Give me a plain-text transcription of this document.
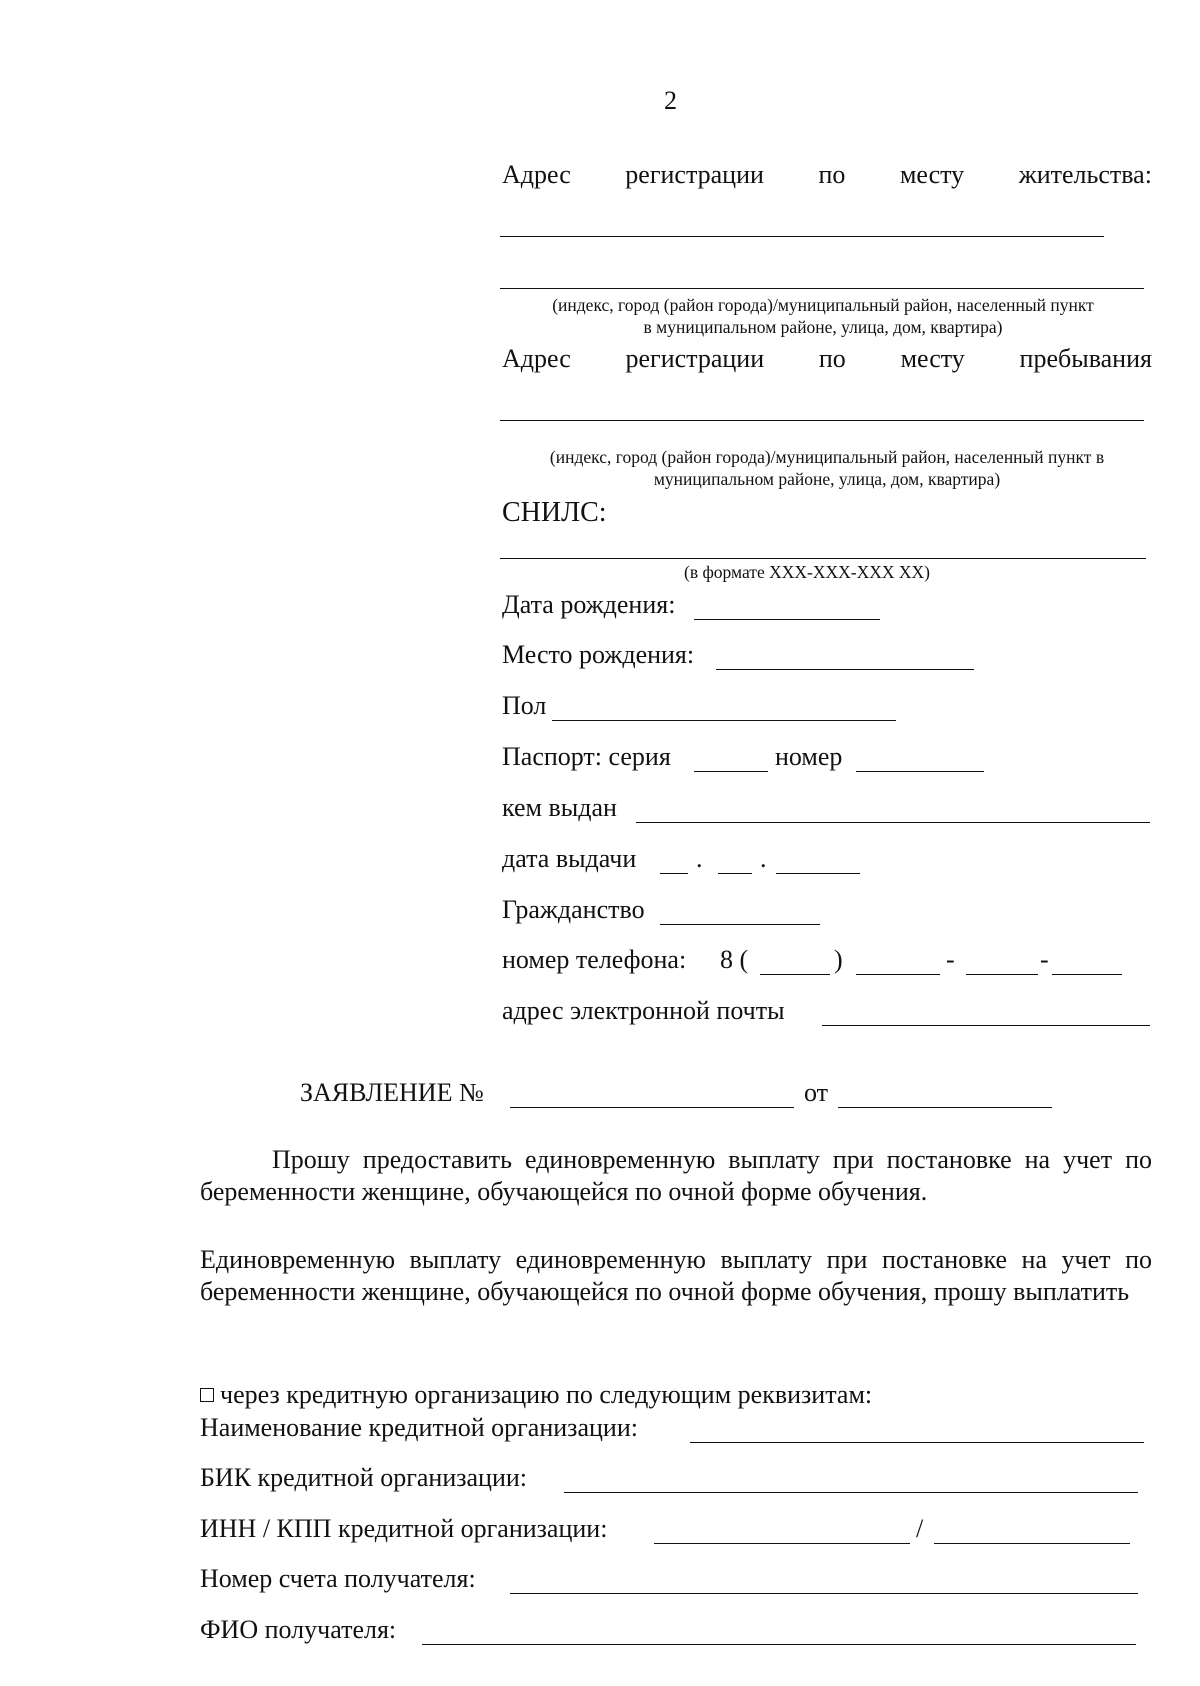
2
Адрес регистрации по месту жительства:
(индекс, город (район города)/муниципальный район, населенный пункт
в муниципальном районе, улица, дом, квартира)
Адрес регистрации по месту пребывания
(индекс, город (район города)/муниципальный район, населенный пункт в
муниципальном районе, улица, дом, квартира)
СНИЛС:
(в формате XXX-XXX-XXX XX)
Дата рождения:
Место рождения:
Пол
Паспорт: серия	номер
кем выдан
дата выдачи . .
Гражданство
номер телефона: 8 (	)	-	-
адрес электронной почты
ЗАЯВЛЕНИЕ №	от
Прошу предоставить единовременную выплату при постановке на учет по беременности женщине, обучающейся по очной форме обучения.
Единовременную выплату единовременную выплату при постановке на учет по беременности женщине, обучающейся по очной форме обучения, прошу выплатить
через кредитную организацию по следующим реквизитам:
Наименование кредитной организации:
БИК кредитной организации:
ИНН / КПП кредитной организации:	/
Номер счета получателя:
ФИО получателя:
